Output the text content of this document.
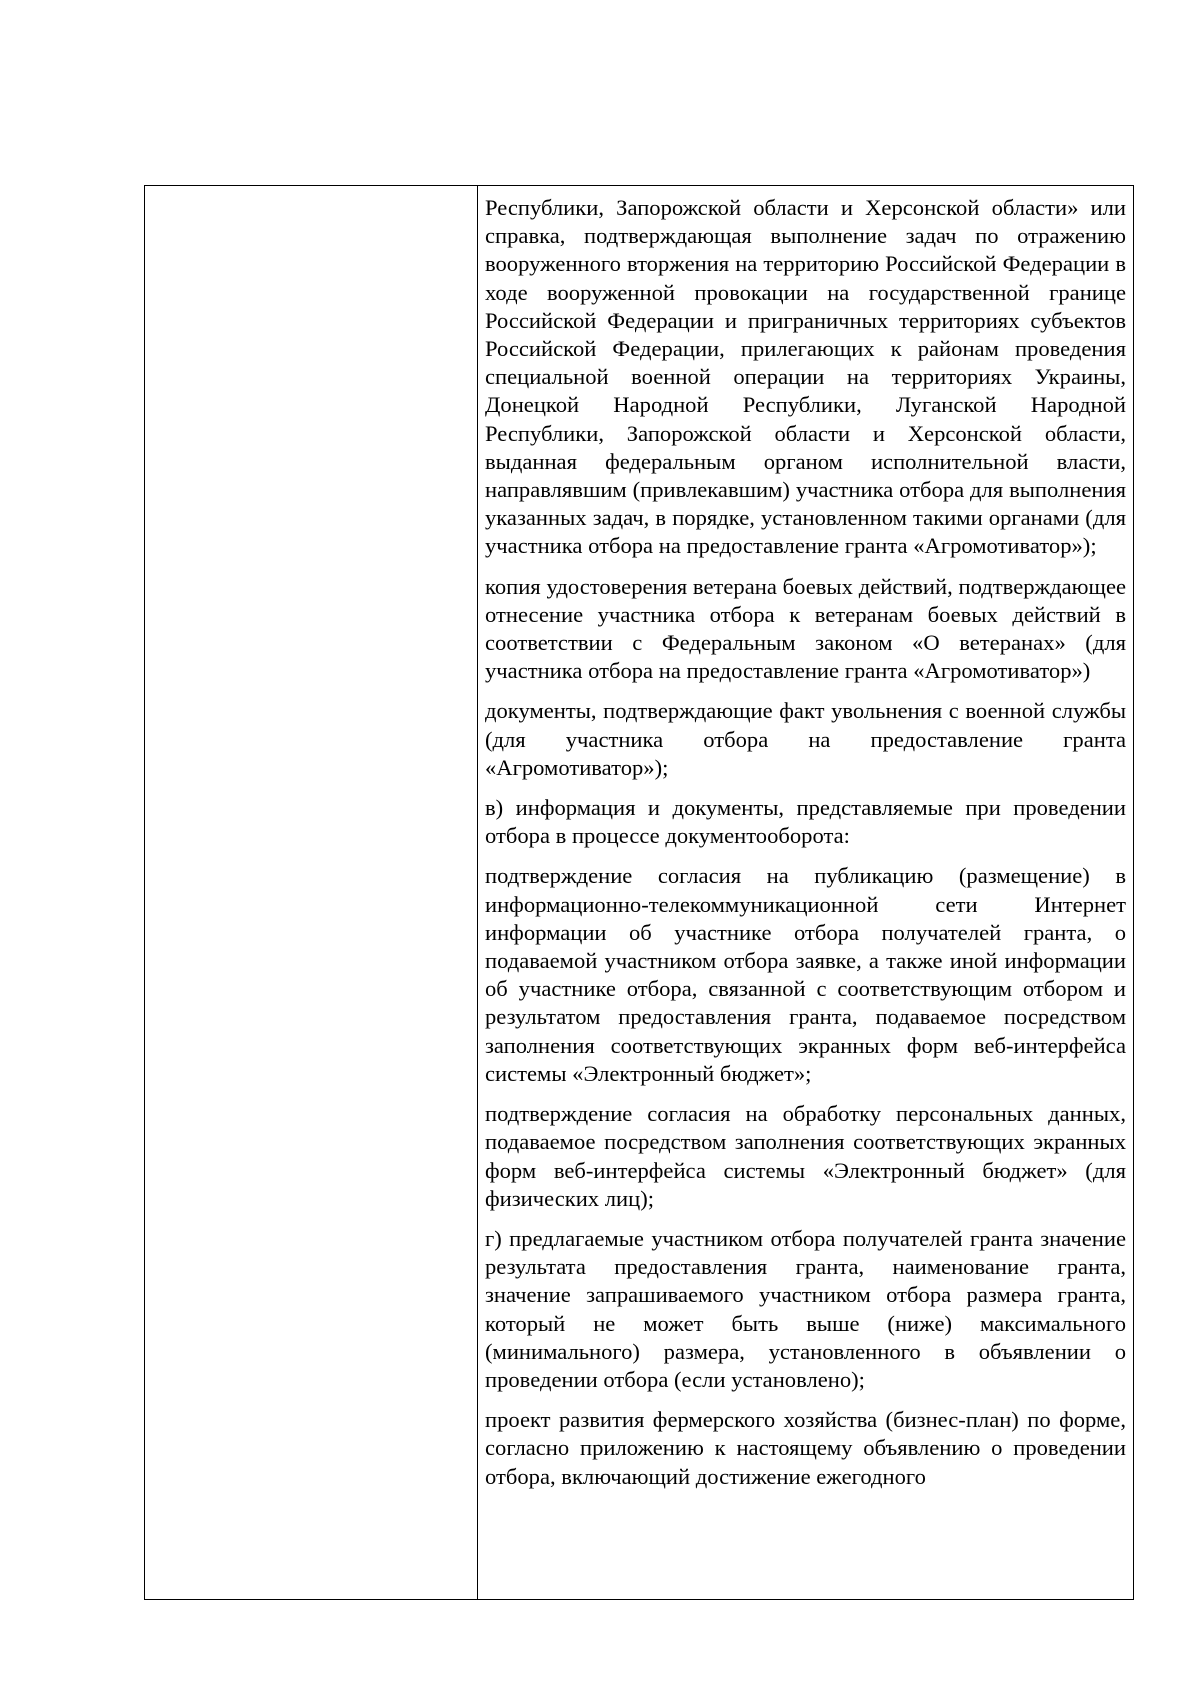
Республики, Запорожской области и Херсонской области» или справка, подтверждающая выполнение задач по отражению вооруженного вторжения на территорию Российской Федерации в ходе вооруженной провокации на государственной границе Российской Федерации и приграничных территориях субъектов Российской Федерации, прилегающих к районам проведения специальной военной операции на территориях Украины, Донецкой Народной Республики, Луганской Народной Республики, Запорожской области и Херсонской области, выданная федеральным органом исполнительной власти, направлявшим (привлекавшим) участника отбора для выполнения указанных задач, в порядке, установленном такими органами (для участника отбора на предоставление гранта «Агромотиватор»);

копия удостоверения ветерана боевых действий, подтверждающее отнесение участника отбора к ветеранам боевых действий в соответствии с Федеральным законом «О ветеранах» (для участника отбора на предоставление гранта «Агромотиватор»)

документы, подтверждающие факт увольнения с военной службы (для участника отбора на предоставление гранта «Агромотиватор»);

в) информация и документы, представляемые при проведении отбора в процессе документооборота:

подтверждение согласия на публикацию (размещение) в информационно-телекоммуникационной сети Интернет информации об участнике отбора получателей гранта, о подаваемой участником отбора заявке, а также иной информации об участнике отбора, связанной с соответствующим отбором и результатом предоставления гранта, подаваемое посредством заполнения соответствующих экранных форм веб-интерфейса системы «Электронный бюджет»;

подтверждение согласия на обработку персональных данных, подаваемое посредством заполнения соответствующих экранных форм веб-интерфейса системы «Электронный бюджет» (для физических лиц);

г) предлагаемые участником отбора получателей гранта значение результата предоставления гранта, наименование гранта, значение запрашиваемого участником отбора размера гранта, который не может быть выше (ниже) максимального (минимального) размера, установленного в объявлении о проведении отбора (если установлено);

проект развития фермерского хозяйства (бизнес-план) по форме, согласно приложению к настоящему объявлению о проведении отбора, включающий достижение ежегодного
